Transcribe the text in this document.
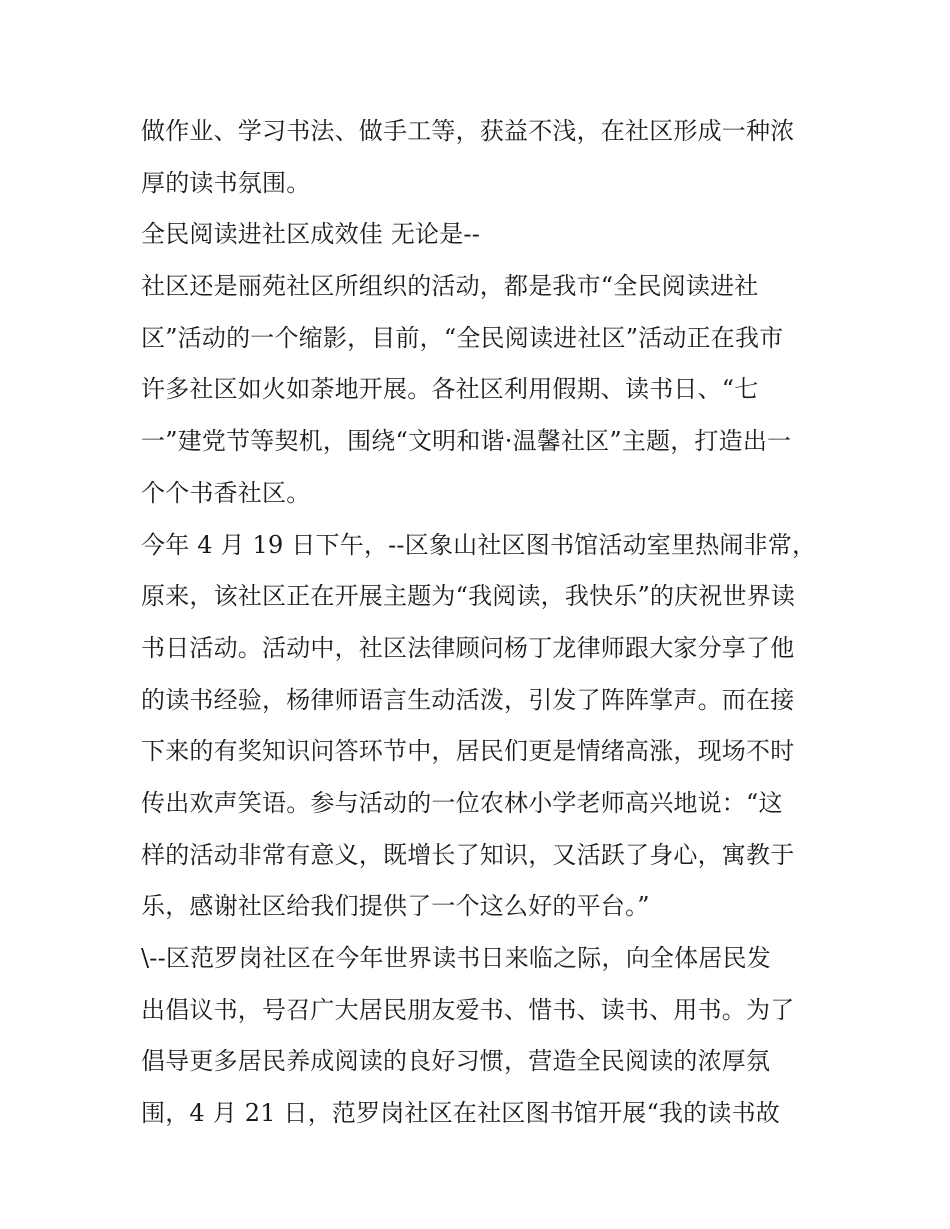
做作业、学习书法、做手工等，获益不浅，在社区形成一种浓
厚的读书氛围。
全民阅读进社区成效佳 无论是--
社区还是丽苑社区所组织的活动，都是我市“全民阅读进社
区”活动的一个缩影，目前，“全民阅读进社区”活动正在我市
许多社区如火如荼地开展。各社区利用假期、读书日、“七
一”建党节等契机，围绕“文明和谐·温馨社区”主题，打造出一
个个书香社区。
今年 4 月 19 日下午，--区象山社区图书馆活动室里热闹非常，
原来，该社区正在开展主题为“我阅读，我快乐”的庆祝世界读
书日活动。活动中，社区法律顾问杨丁龙律师跟大家分享了他
的读书经验，杨律师语言生动活泼，引发了阵阵掌声。而在接
下来的有奖知识问答环节中，居民们更是情绪高涨，现场不时
传出欢声笑语。参与活动的一位农林小学老师高兴地说：“这
样的活动非常有意义，既增长了知识，又活跃了身心，寓教于
乐，感谢社区给我们提供了一个这么好的平台。”
\--区范罗岗社区在今年世界读书日来临之际，向全体居民发
出倡议书，号召广大居民朋友爱书、惜书、读书、用书。为了
倡导更多居民养成阅读的良好习惯，营造全民阅读的浓厚氛
围，4 月 21 日，范罗岗社区在社区图书馆开展“我的读书故
